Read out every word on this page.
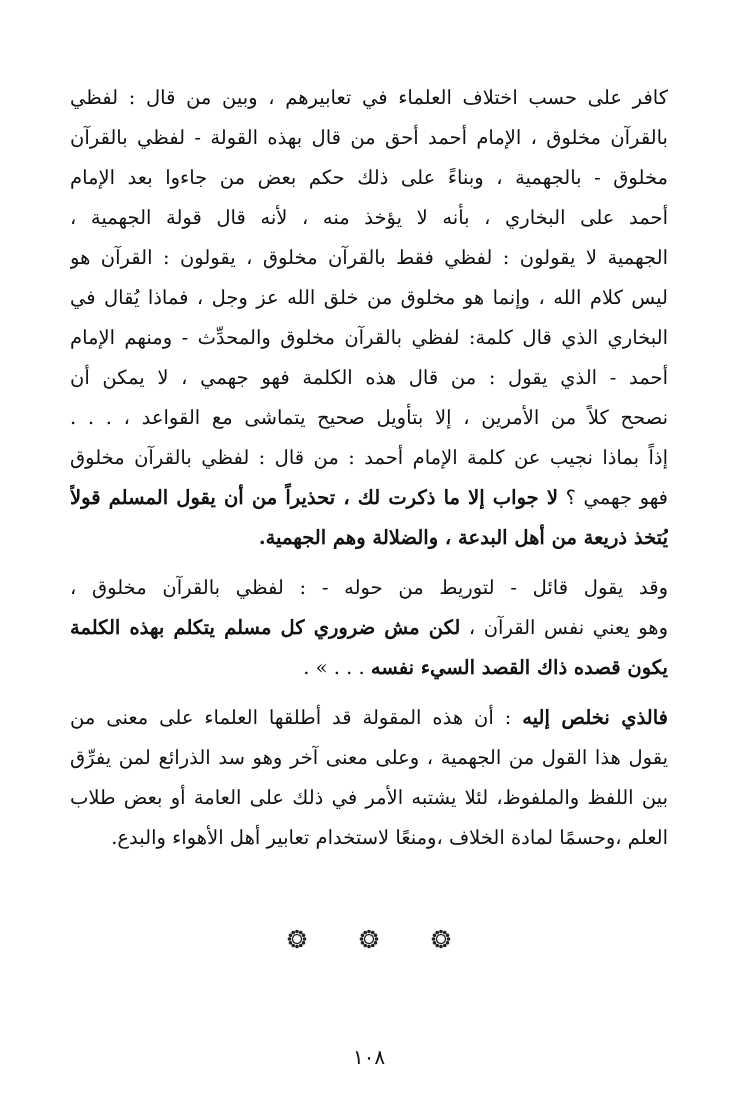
كافر على حسب اختلاف العلماء في تعابيرهم ، وبين من قال : لفظي
بالقرآن مخلوق ، الإمام أحمد أحق من قال بهذه القولة - لفظي بالقرآن
مخلوق - بالجهمية ، وبناءً على ذلك حكم بعض من جاءوا بعد الإمام
أحمد على البخاري ، بأنه لا يؤخذ منه ، لأنه قال قولة الجهمية ،
الجهمية لا يقولون : لفظي فقط بالقرآن مخلوق ، يقولون : القرآن هو
ليس كلام الله ، وإنما هو مخلوق من خلق الله عز وجل ، فماذا يُقال في
البخاري الذي قال كلمة: لفظي بالقرآن مخلوق والمحدِّث - ومنهم الإمام
أحمد - الذي يقول : من قال هذه الكلمة فهو جهمي ، لا يمكن أن
نصحح كلاً من الأمرين ، إلا بتأويل صحيح يتماشى مع القواعد ، . . .
إذاً بماذا نجيب عن كلمة الإمام أحمد : من قال : لفظي بالقرآن مخلوق
فهو جهمي ؟ لا جواب إلا ما ذكرت لك ، تحذيراً من أن يقول المسلم قولاً
يُتخذ ذريعة من أهل البدعة ، والضلالة وهم الجهمية.
وقد يقول قائل - لتوريط من حوله - : لفظي بالقرآن مخلوق ،
وهو يعني نفس القرآن ، لكن مش ضروري كل مسلم يتكلم بهذه الكلمة
يكون قصده ذاك القصد السيء نفسه . . . » .
فالذي نخلص إليه : أن هذه المقولة قد أطلقها العلماء على معنى من
يقول هذا القول من الجهمية ، وعلى معنى آخر وهو سد الذرائع لمن يفرِّق
بين اللفظ والملفوظ، لئلا يشتبه الأمر في ذلك على العامة أو بعض طلاب
العلم ،وحسمًا لمادة الخلاف ،ومنعًا لاستخدام تعابير أهل الأهواء والبدع.
١٠٨
